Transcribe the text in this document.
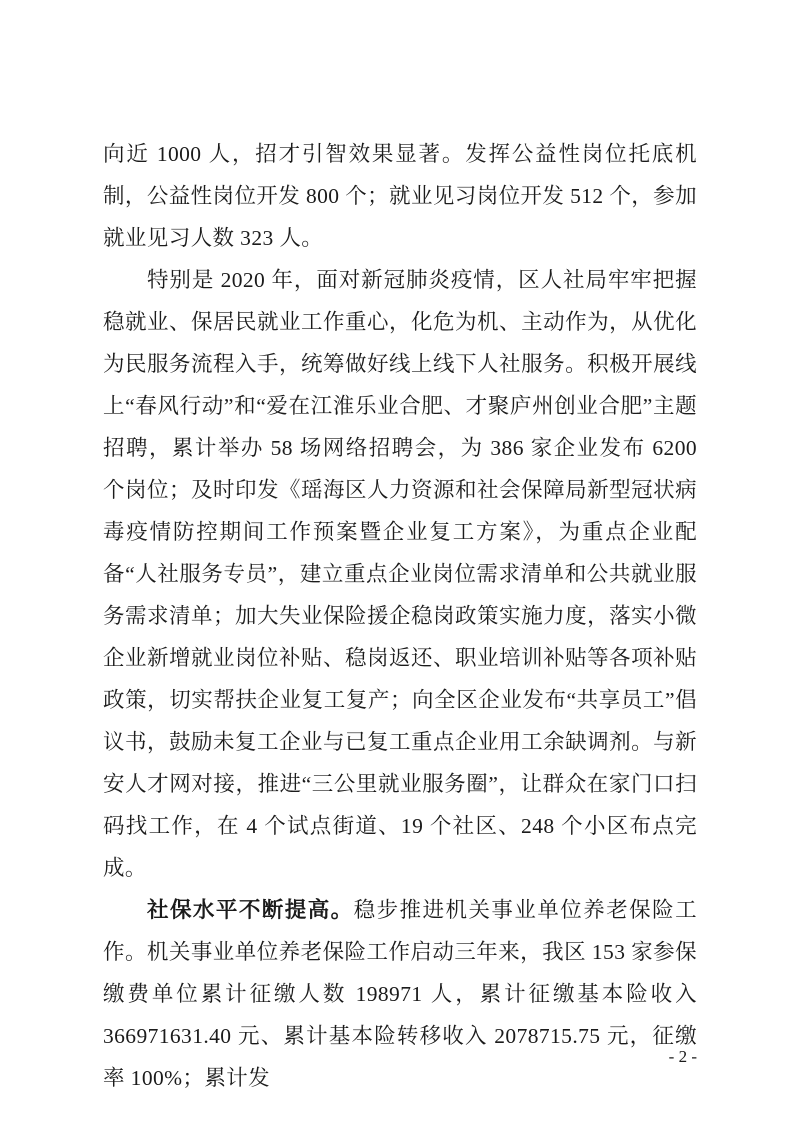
向近 1000 人，招才引智效果显著。发挥公益性岗位托底机制，公益性岗位开发 800 个；就业见习岗位开发 512 个，参加就业见习人数 323 人。

特别是 2020 年，面对新冠肺炎疫情，区人社局牢牢把握稳就业、保居民就业工作重心，化危为机、主动作为，从优化为民服务流程入手，统筹做好线上线下人社服务。积极开展线上“春风行动”和“爱在江淮乐业合肥、才聚庐州创业合肥”主题招聘，累计举办 58 场网络招聘会，为 386 家企业发布 6200 个岗位；及时印发《瑶海区人力资源和社会保障局新型冠状病毒疫情防控期间工作预案暨企业复工方案》，为重点企业配备“人社服务专员”，建立重点企业岗位需求清单和公共就业服务需求清单；加大失业保险援企稳岗政策实施力度，落实小微企业新增就业岗位补贴、稳岗返还、职业培训补贴等各项补贴政策，切实帮扶企业复工复产；向全区企业发布“共享员工”倡议书，鼓励未复工企业与已复工重点企业用工余缺调剂。与新安人才网对接，推进“三公里就业服务圈”，让群众在家门口扫码找工作，在 4 个试点街道、19 个社区、248 个小区布点完成。

社保水平不断提高。稳步推进机关事业单位养老保险工作。机关事业单位养老保险工作启动三年来，我区 153 家参保缴费单位累计征缴人数 198971 人，累计征缴基本险收入 366971631.40 元、累计基本险转移收入 2078715.75 元，征缴率 100%；累计发

- 2 -
